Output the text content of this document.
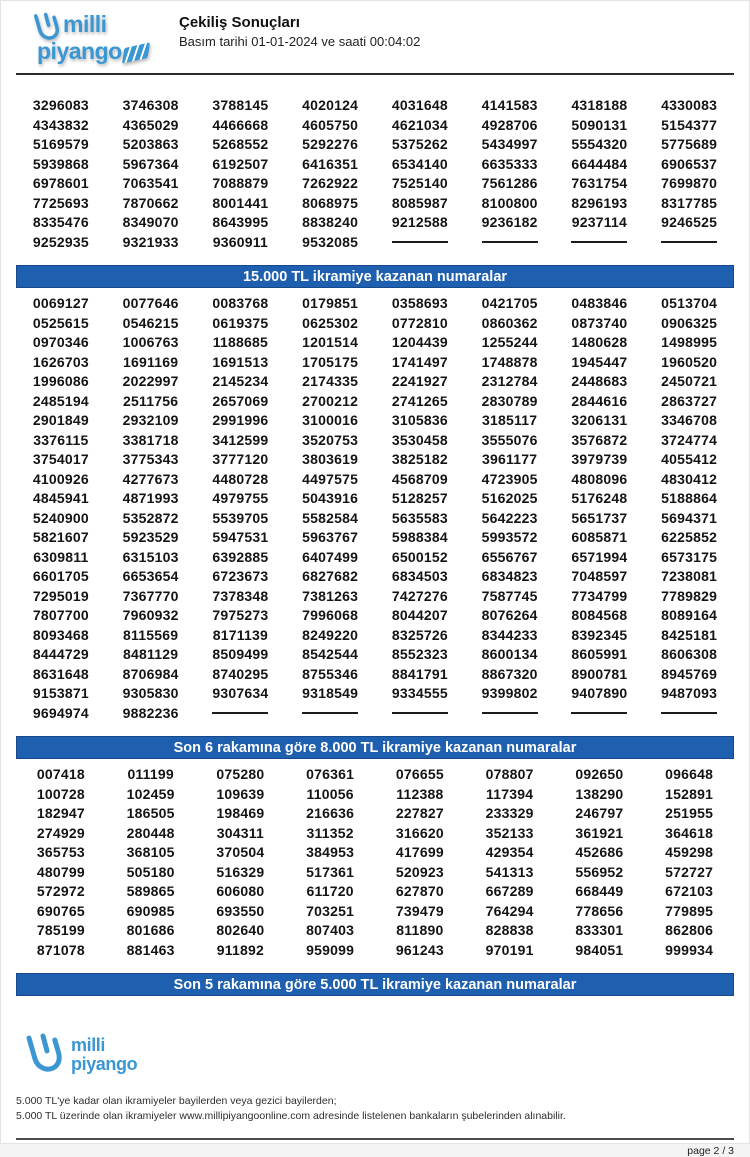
milli
piyango
Çekiliş Sonuçları
Basım tarihi 01-01-2024 ve saati 00:04:02
3296083	3746308	3788145	4020124	4031648	4141583	4318188	4330083
4343832	4365029	4466668	4605750	4621034	4928706	5090131	5154377
5169579	5203863	5268552	5292276	5375262	5434997	5554320	5775689
5939868	5967364	6192507	6416351	6534140	6635333	6644484	6906537
6978601	7063541	7088879	7262922	7525140	7561286	7631754	7699870
7725693	7870662	8001441	8068975	8085987	8100800	8296193	8317785
8335476	8349070	8643995	8838240	9212588	9236182	9237114	9246525
9252935	9321933	9360911	9532085
15.000 TL ikramiye kazanan numaralar
0069127	0077646	0083768	0179851	0358693	0421705	0483846	0513704
0525615	0546215	0619375	0625302	0772810	0860362	0873740	0906325
0970346	1006763	1188685	1201514	1204439	1255244	1480628	1498995
1626703	1691169	1691513	1705175	1741497	1748878	1945447	1960520
1996086	2022997	2145234	2174335	2241927	2312784	2448683	2450721
2485194	2511756	2657069	2700212	2741265	2830789	2844616	2863727
2901849	2932109	2991996	3100016	3105836	3185117	3206131	3346708
3376115	3381718	3412599	3520753	3530458	3555076	3576872	3724774
3754017	3775343	3777120	3803619	3825182	3961177	3979739	4055412
4100926	4277673	4480728	4497575	4568709	4723905	4808096	4830412
4845941	4871993	4979755	5043916	5128257	5162025	5176248	5188864
5240900	5352872	5539705	5582584	5635583	5642223	5651737	5694371
5821607	5923529	5947531	5963767	5988384	5993572	6085871	6225852
6309811	6315103	6392885	6407499	6500152	6556767	6571994	6573175
6601705	6653654	6723673	6827682	6834503	6834823	7048597	7238081
7295019	7367770	7378348	7381263	7427276	7587745	7734799	7789829
7807700	7960932	7975273	7996068	8044207	8076264	8084568	8089164
8093468	8115569	8171139	8249220	8325726	8344233	8392345	8425181
8444729	8481129	8509499	8542544	8552323	8600134	8605991	8606308
8631648	8706984	8740295	8755346	8841791	8867320	8900781	8945769
9153871	9305830	9307634	9318549	9334555	9399802	9407890	9487093
9694974	9882236
Son 6 rakamına göre 8.000 TL ikramiye kazanan numaralar
007418	011199	075280	076361	076655	078807	092650	096648
100728	102459	109639	110056	112388	117394	138290	152891
182947	186505	198469	216636	227827	233329	246797	251955
274929	280448	304311	311352	316620	352133	361921	364618
365753	368105	370504	384953	417699	429354	452686	459298
480799	505180	516329	517361	520923	541313	556952	572727
572972	589865	606080	611720	627870	667289	668449	672103
690765	690985	693550	703251	739479	764294	778656	779895
785199	801686	802640	807403	811890	828838	833301	862806
871078	881463	911892	959099	961243	970191	984051	999934
Son 5 rakamına göre 5.000 TL ikramiye kazanan numaralar
milli
piyango
5.000 TL'ye kadar olan ikramiyeler bayilerden veya gezici bayilerden;
5.000 TL üzerinde olan ikramiyeler www.millipiyangoonline.com adresinde listelenen bankaların şubelerinden alınabilir.
page 2 / 3
